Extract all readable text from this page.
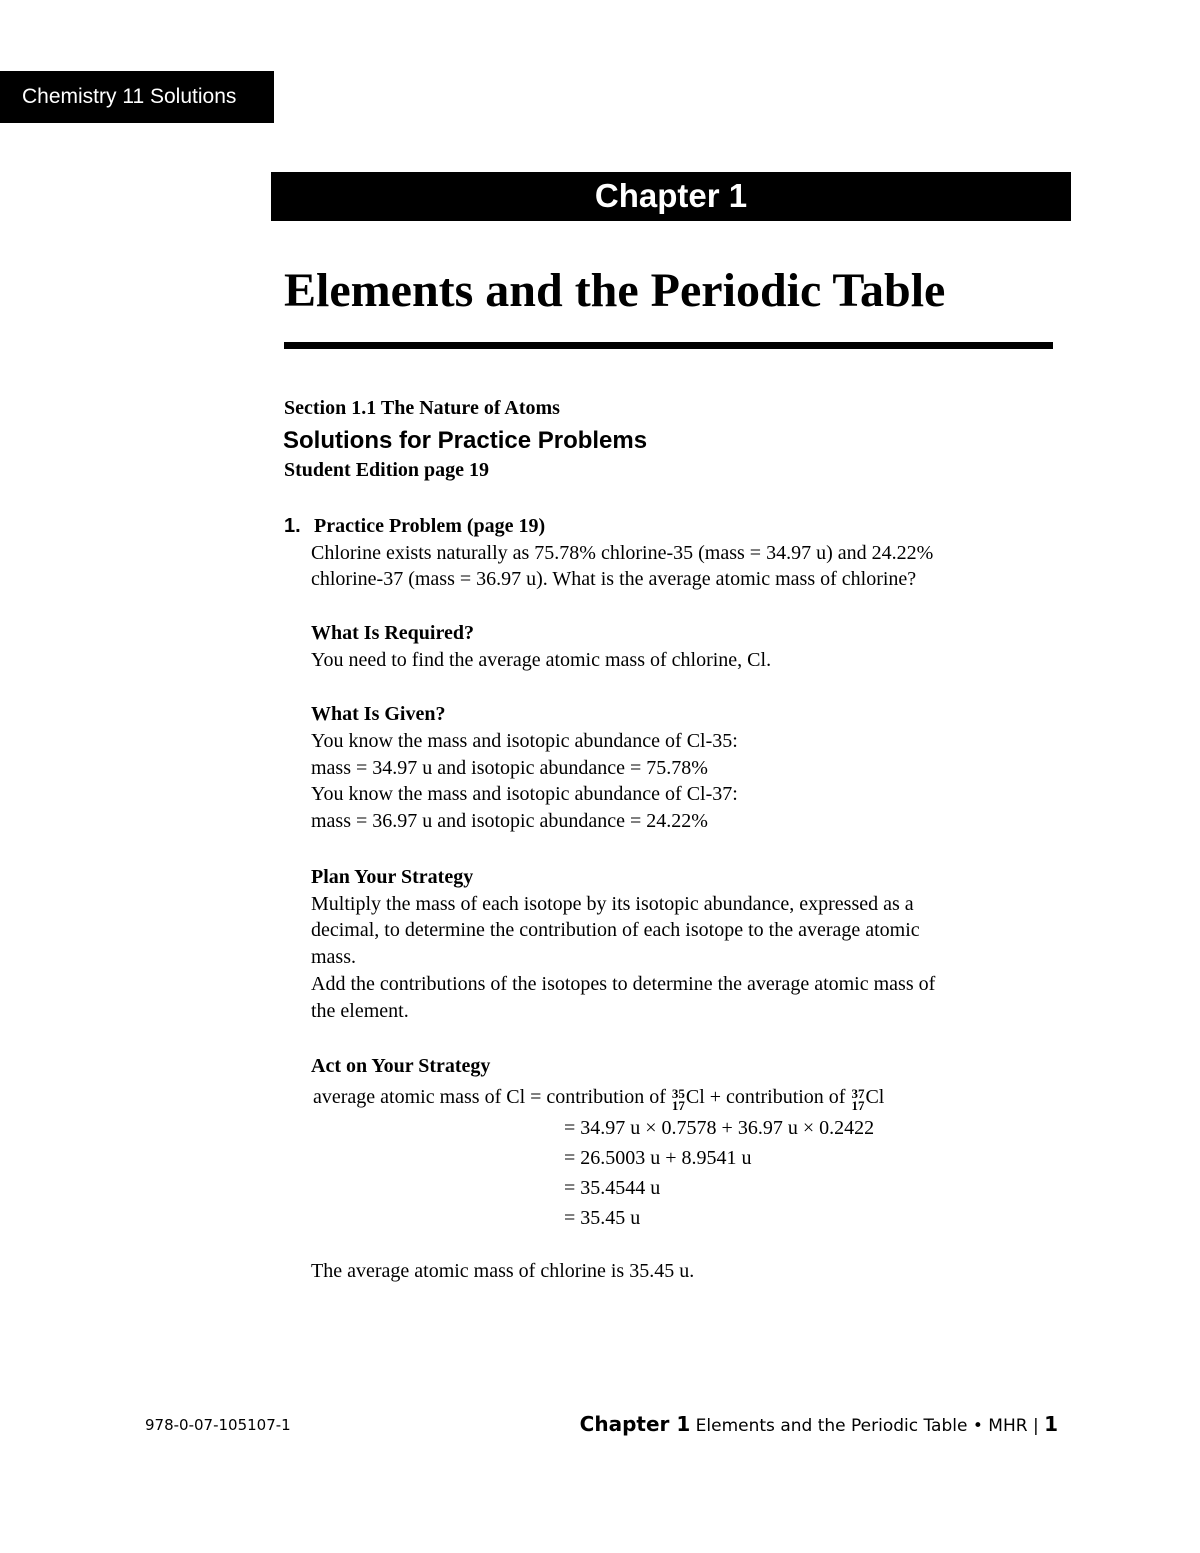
Chemistry 11 Solutions
Chapter 1
Elements and the Periodic Table
Section 1.1 The Nature of Atoms
Solutions for Practice Problems
Student Edition page 19
1. Practice Problem (page 19)
Chlorine exists naturally as 75.78% chlorine-35 (mass = 34.97 u) and 24.22%
chlorine-37 (mass = 36.97 u). What is the average atomic mass of chlorine?
What Is Required?
You need to find the average atomic mass of chlorine, Cl.
What Is Given?
You know the mass and isotopic abundance of Cl-35:
mass = 34.97 u and isotopic abundance = 75.78%
You know the mass and isotopic abundance of Cl-37:
mass = 36.97 u and isotopic abundance = 24.22%
Plan Your Strategy
Multiply the mass of each isotope by its isotopic abundance, expressed as a
decimal, to determine the contribution of each isotope to the average atomic
mass.
Add the contributions of the isotopes to determine the average atomic mass of
the element.
Act on Your Strategy
average atomic mass of Cl = contribution of 35
17 Cl + contribution of 37
17 Cl
= 34.97 u × 0.7578 + 36.97 u × 0.2422
= 26.5003 u + 8.9541 u
= 35.4544 u
= 35.45 u
The average atomic mass of chlorine is 35.45 u.
978-0-07-105107-1	Chapter 1 Elements and the Periodic Table • MHR | 1
